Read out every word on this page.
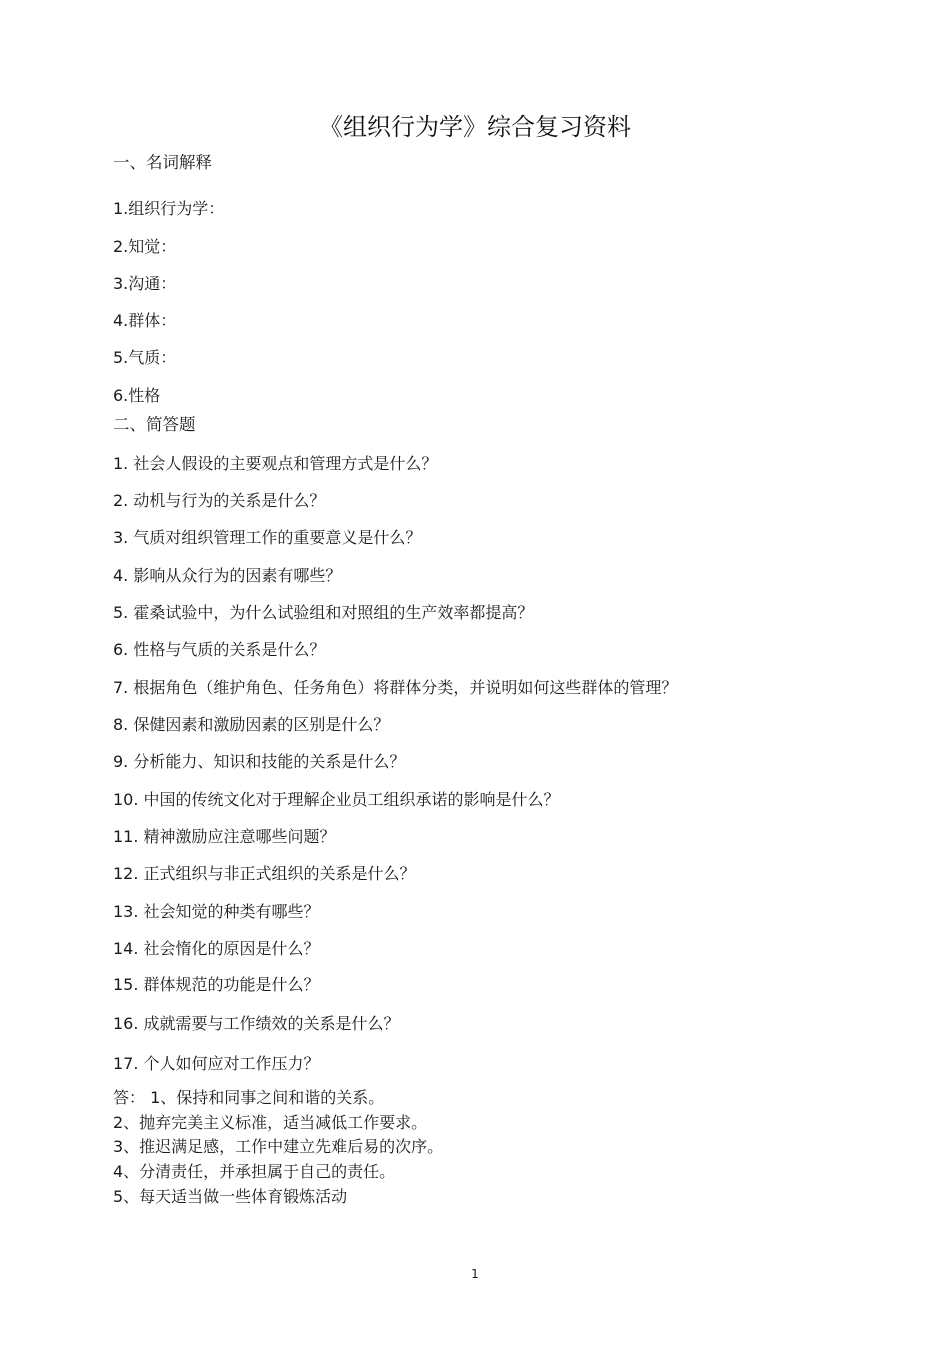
《组织行为学》综合复习资料
一、名词解释
1.组织行为学：
2.知觉：
3.沟通：
4.群体：
5.气质：
6.性格
二、简答题
1. 社会人假设的主要观点和管理方式是什么？
2. 动机与行为的关系是什么？
3. 气质对组织管理工作的重要意义是什么？
4. 影响从众行为的因素有哪些？
5. 霍桑试验中，为什么试验组和对照组的生产效率都提高？
6. 性格与气质的关系是什么？
7. 根据角色（维护角色、任务角色）将群体分类，并说明如何这些群体的管理？
8. 保健因素和激励因素的区别是什么？
9. 分析能力、知识和技能的关系是什么？
10. 中国的传统文化对于理解企业员工组织承诺的影响是什么？
11. 精神激励应注意哪些问题？
12. 正式组织与非正式组织的关系是什么？
13. 社会知觉的种类有哪些？
14. 社会惰化的原因是什么？
15. 群体规范的功能是什么？
16. 成就需要与工作绩效的关系是什么？
17. 个人如何应对工作压力？
答： 1、保持和同事之间和谐的关系。
2、抛弃完美主义标准，适当减低工作要求。
3、推迟满足感，工作中建立先难后易的次序。
4、分清责任，并承担属于自己的责任。
5、每天适当做一些体育锻炼活动
1
